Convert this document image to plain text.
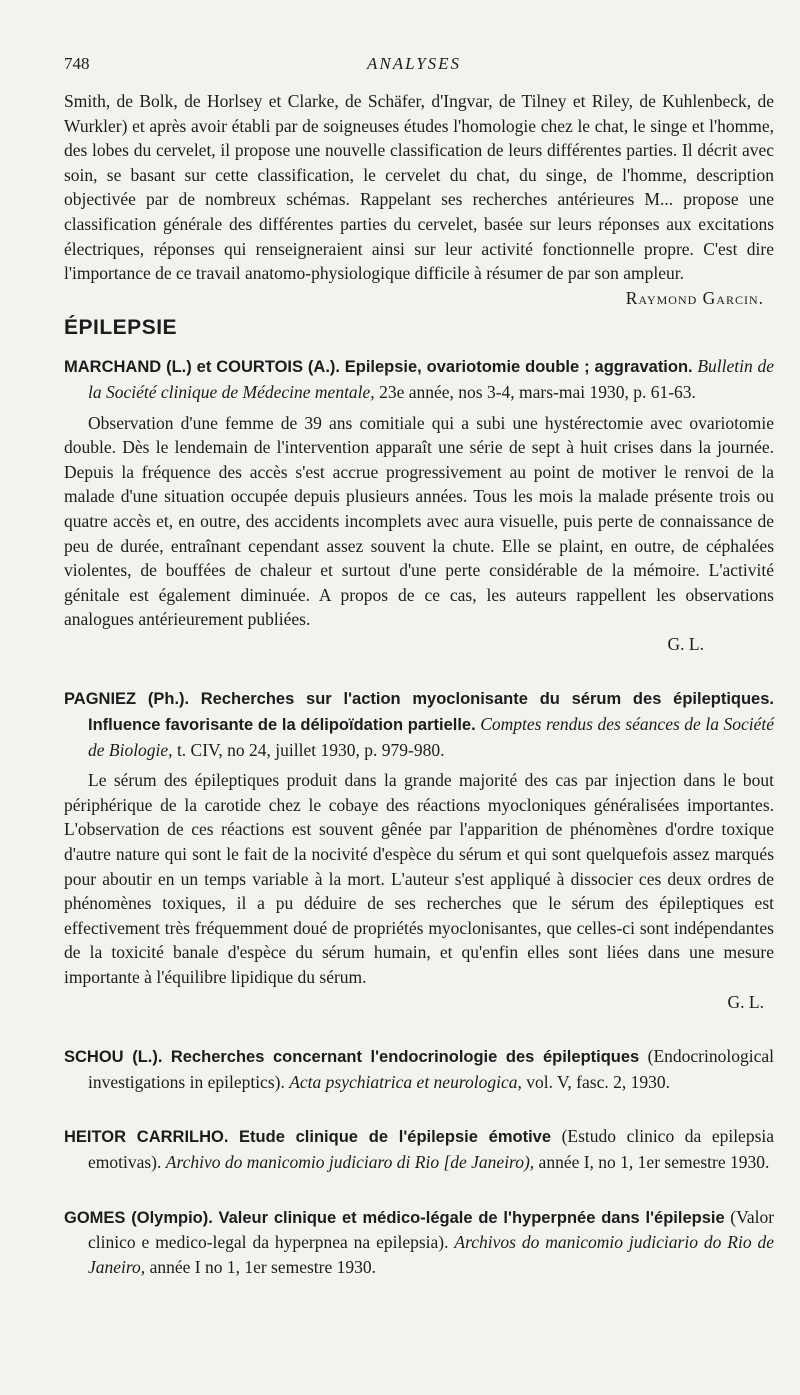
748	ANALYSES

Smith, de Bolk, de Horlsey et Clarke, de Schäfer, d'Ingvar, de Tilney et Riley, de Kuhlenbeck, de Wurkler) et après avoir établi par de soigneuses études l'homologie chez le chat, le singe et l'homme, des lobes du cervelet, il propose une nouvelle classification de leurs différentes parties. Il décrit avec soin, se basant sur cette classification, le cervelet du chat, du singe, de l'homme, description objectivée par de nombreux schémas. Rappelant ses recherches antérieures M... propose une classification générale des différentes parties du cervelet, basée sur leurs réponses aux excitations électriques, réponses qui renseigneraient ainsi sur leur activité fonctionnelle propre. C'est dire l'importance de ce travail anatomo-physiologique difficile à résumer de par son ampleur.

Raymond Garcin.

ÉPILEPSIE

MARCHAND (L.) et COURTOIS (A.). Epilepsie, ovariotomie double ; aggravation. Bulletin de la Société clinique de Médecine mentale, 23e année, nos 3-4, mars-mai 1930, p. 61-63.

Observation d'une femme de 39 ans comitiale qui a subi une hystérectomie avec ovariotomie double. Dès le lendemain de l'intervention apparaît une série de sept à huit crises dans la journée. Depuis la fréquence des accès s'est accrue progressivement au point de motiver le renvoi de la malade d'une situation occupée depuis plusieurs années. Tous les mois la malade présente trois ou quatre accès et, en outre, des accidents incomplets avec aura visuelle, puis perte de connaissance de peu de durée, entraînant cependant assez souvent la chute. Elle se plaint, en outre, de céphalées violentes, de bouffées de chaleur et surtout d'une perte considérable de la mémoire. L'activité génitale est également diminuée. A propos de ce cas, les auteurs rappellent les observations analogues antérieurement publiées.

G. L.

PAGNIEZ (Ph.). Recherches sur l'action myoclonisante du sérum des épileptiques. Influence favorisante de la délipoïdation partielle. Comptes rendus des séances de la Société de Biologie, t. CIV, no 24, juillet 1930, p. 979-980.

Le sérum des épileptiques produit dans la grande majorité des cas par injection dans le bout périphérique de la carotide chez le cobaye des réactions myocloniques généralisées importantes. L'observation de ces réactions est souvent gênée par l'apparition de phénomènes d'ordre toxique d'autre nature qui sont le fait de la nocivité d'espèce du sérum et qui sont quelquefois assez marqués pour aboutir en un temps variable à la mort. L'auteur s'est appliqué à dissocier ces deux ordres de phénomènes toxiques, il a pu déduire de ses recherches que le sérum des épileptiques est effectivement très fréquemment doué de propriétés myoclonisantes, que celles-ci sont indépendantes de la toxicité banale d'espèce du sérum humain, et qu'enfin elles sont liées dans une mesure importante à l'équilibre lipidique du sérum.

G. L.

SCHOU (L.). Recherches concernant l'endocrinologie des épileptiques (Endocrinological investigations in epileptics). Acta psychiatrica et neurologica, vol. V, fasc. 2, 1930.

HEITOR CARRILHO. Etude clinique de l'épilepsie émotive (Estudo clinico da epilepsia emotivas). Archivo do manicomio judiciaro di Rio [de Janeiro), année I, no 1, 1er semestre 1930.

GOMES (Olympio). Valeur clinique et médico-légale de l'hyperpnée dans l'épilepsie (Valor clinico e medico-legal da hyperpnea na epilepsia). Archivos do manicomio judiciario do Rio de Janeiro, année I no 1, 1er semestre 1930.
